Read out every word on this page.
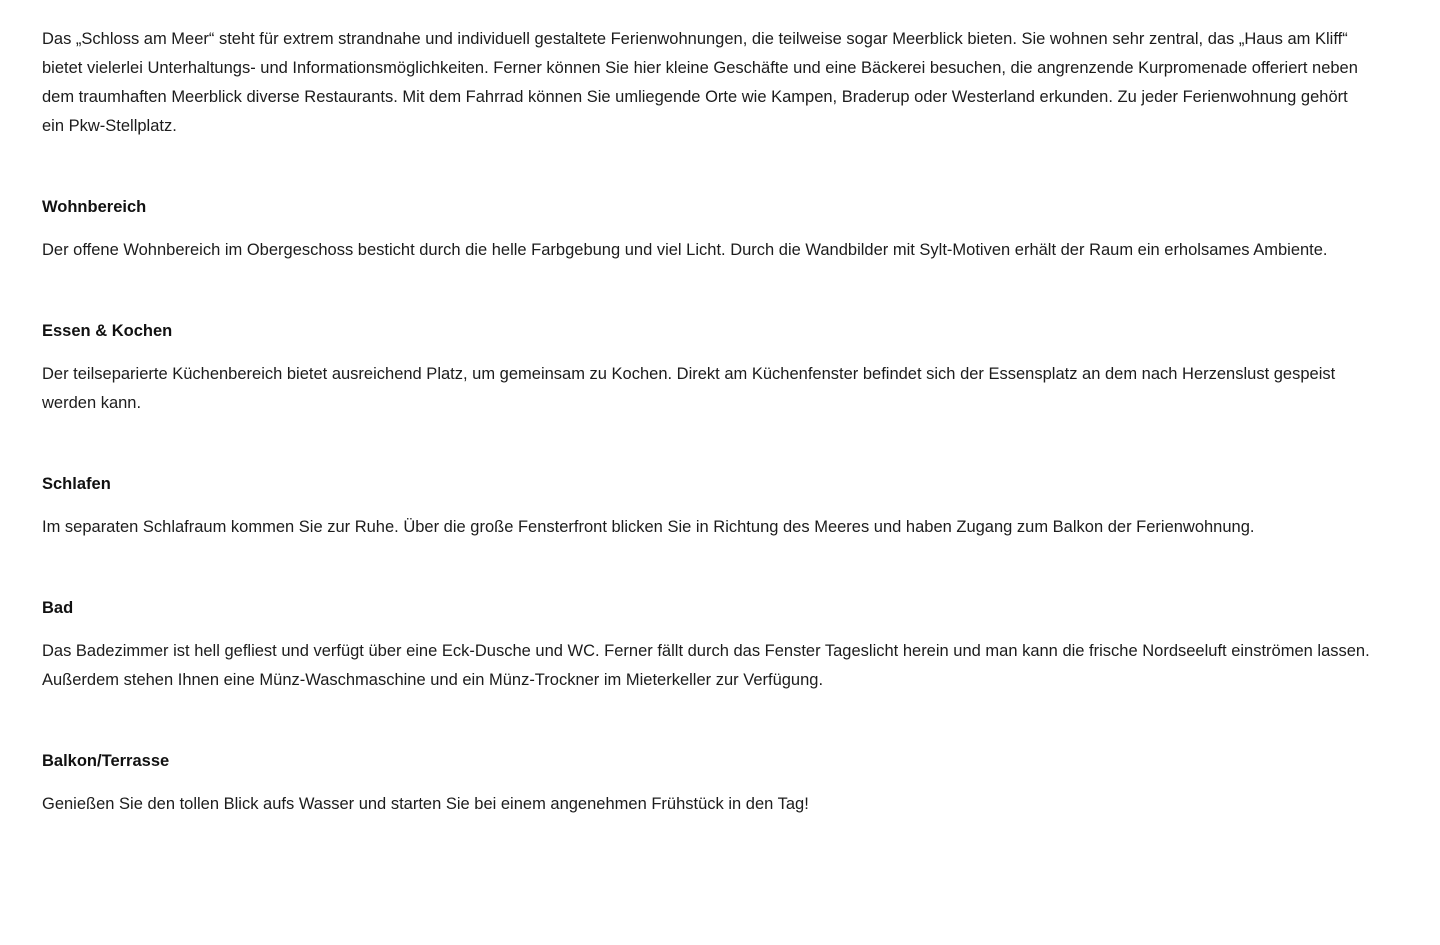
Das „Schloss am Meer“ steht für extrem strandnahe und individuell gestaltete Ferienwohnungen, die teilweise sogar Meerblick bieten. Sie wohnen sehr zentral, das „Haus am Kliff“ bietet vielerlei Unterhaltungs- und Informationsmöglichkeiten. Ferner können Sie hier kleine Geschäfte und eine Bäckerei besuchen, die angrenzende Kurpromenade offeriert neben dem traumhaften Meerblick diverse Restaurants. Mit dem Fahrrad können Sie umliegende Orte wie Kampen, Braderup oder Westerland erkunden. Zu jeder Ferienwohnung gehört ein Pkw-Stellplatz.

Wohnbereich

Der offene Wohnbereich im Obergeschoss besticht durch die helle Farbgebung und viel Licht. Durch die Wandbilder mit Sylt-Motiven erhält der Raum ein erholsames Ambiente.

Essen & Kochen

Der teilseparierte Küchenbereich bietet ausreichend Platz, um gemeinsam zu Kochen. Direkt am Küchenfenster befindet sich der Essensplatz an dem nach Herzenslust gespeist werden kann.

Schlafen

Im separaten Schlafraum kommen Sie zur Ruhe. Über die große Fensterfront blicken Sie in Richtung des Meeres und haben Zugang zum Balkon der Ferienwohnung.

Bad

Das Badezimmer ist hell gefliest und verfügt über eine Eck-Dusche und WC. Ferner fällt durch das Fenster Tageslicht herein und man kann die frische Nordseeluft einströmen lassen. Außerdem stehen Ihnen eine Münz-Waschmaschine und ein Münz-Trockner im Mieterkeller zur Verfügung.

Balkon/Terrasse

Genießen Sie den tollen Blick aufs Wasser und starten Sie bei einem angenehmen Frühstück in den Tag!
